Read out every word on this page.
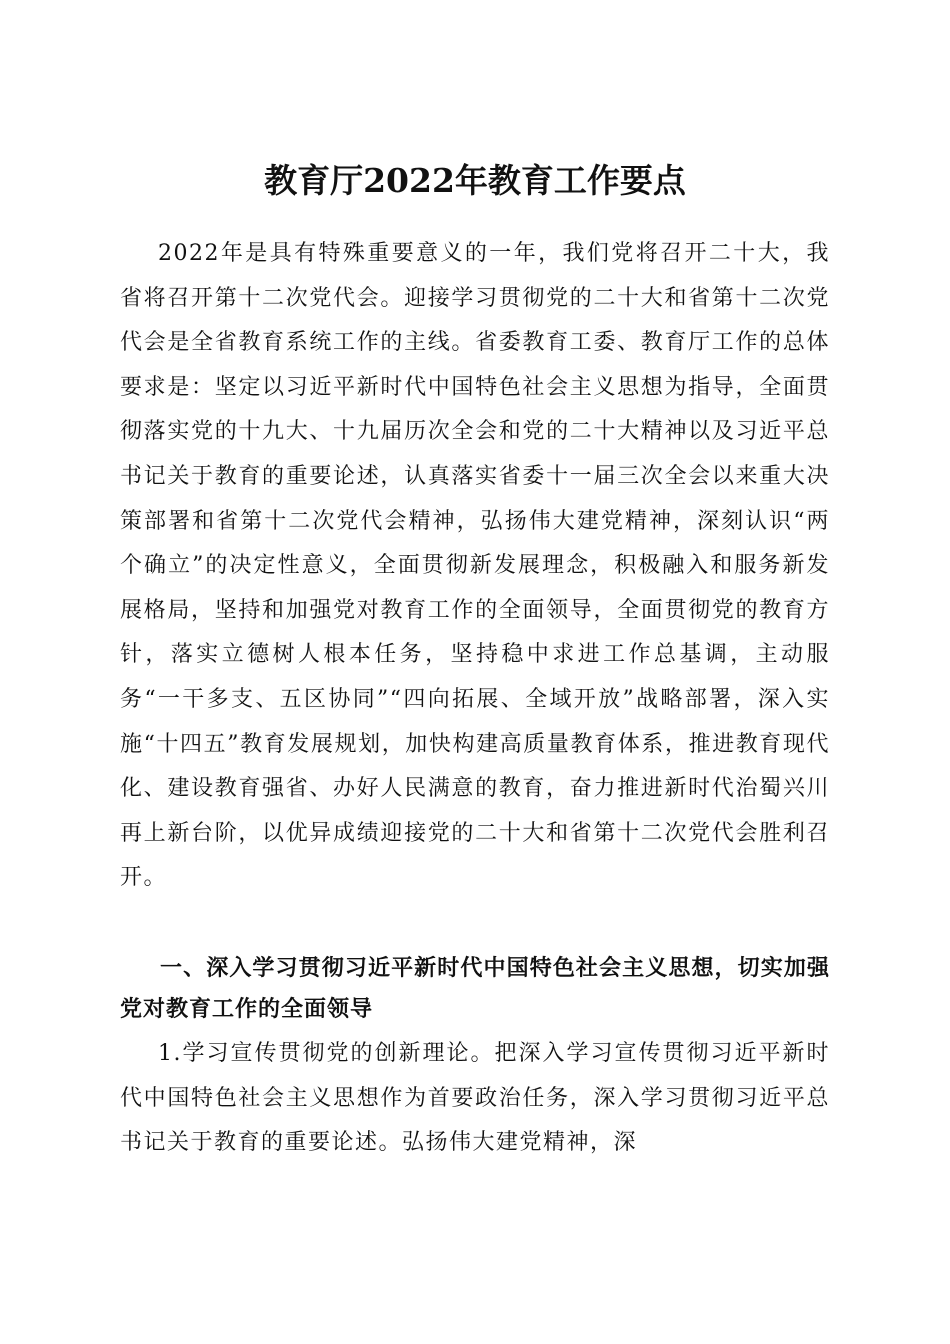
教育厅2022年教育工作要点

2022年是具有特殊重要意义的一年，我们党将召开二十大，我省将召开第十二次党代会。迎接学习贯彻党的二十大和省第十二次党代会是全省教育系统工作的主线。省委教育工委、教育厅工作的总体要求是：坚定以习近平新时代中国特色社会主义思想为指导，全面贯彻落实党的十九大、十九届历次全会和党的二十大精神以及习近平总书记关于教育的重要论述，认真落实省委十一届三次全会以来重大决策部署和省第十二次党代会精神，弘扬伟大建党精神，深刻认识“两个确立”的决定性意义，全面贯彻新发展理念，积极融入和服务新发展格局，坚持和加强党对教育工作的全面领导，全面贯彻党的教育方针，落实立德树人根本任务，坚持稳中求进工作总基调，主动服务“一干多支、五区协同”“四向拓展、全域开放”战略部署，深入实施“十四五”教育发展规划，加快构建高质量教育体系，推进教育现代化、建设教育强省、办好人民满意的教育，奋力推进新时代治蜀兴川再上新台阶，以优异成绩迎接党的二十大和省第十二次党代会胜利召开。

一、深入学习贯彻习近平新时代中国特色社会主义思想，切实加强党对教育工作的全面领导

1.学习宣传贯彻党的创新理论。把深入学习宣传贯彻习近平新时代中国特色社会主义思想作为首要政治任务，深入学习贯彻习近平总书记关于教育的重要论述。弘扬伟大建党精神，深
